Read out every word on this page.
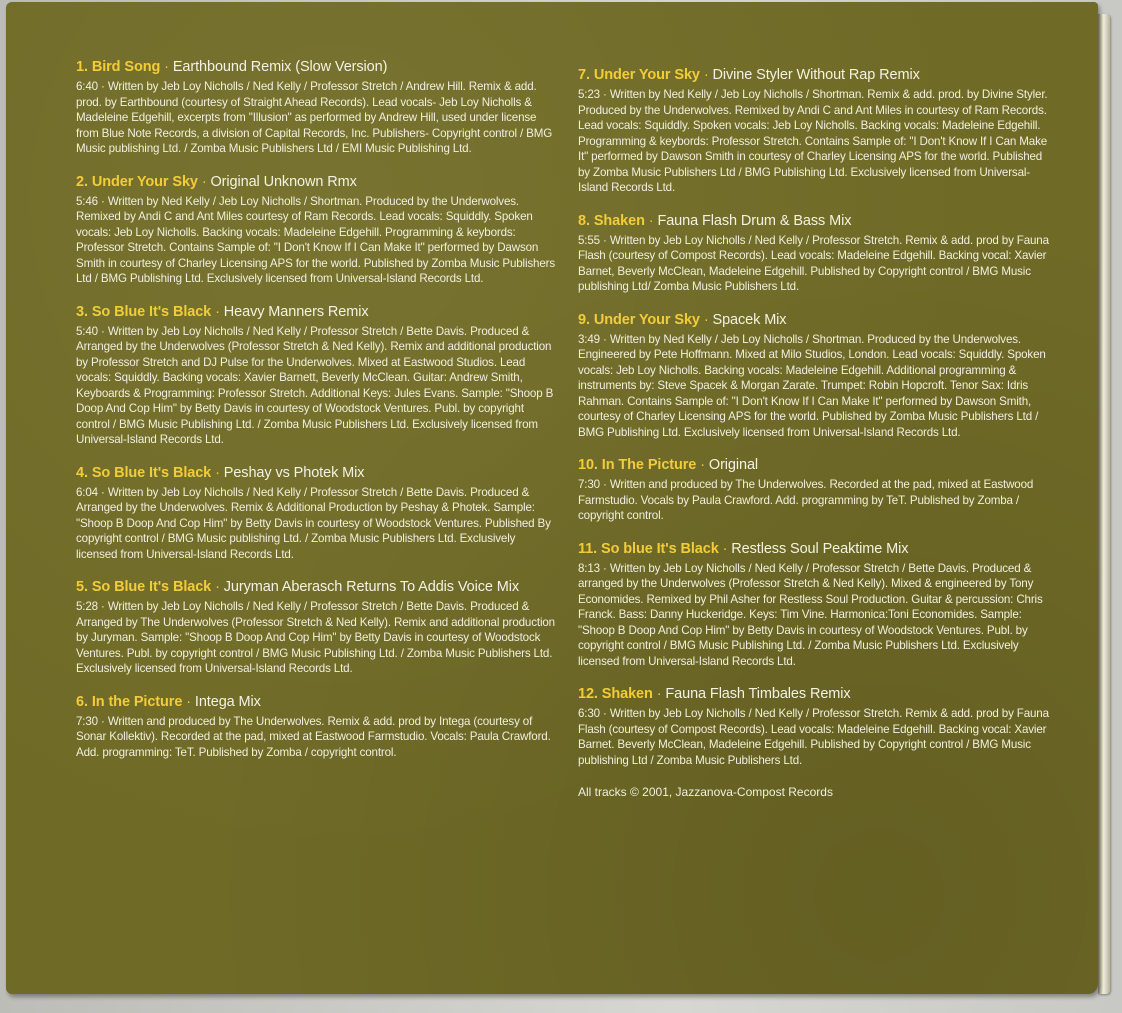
1. Bird Song · Earthbound Remix (Slow Version)
6:40 · Written by Jeb Loy Nicholls / Ned Kelly / Professor Stretch / Andrew Hill. Remix & add. prod. by Earthbound (courtesy of Straight Ahead Records). Lead vocals- Jeb Loy Nicholls & Madeleine Edgehill, excerpts from "Illusion" as performed by Andrew Hill, used under license from Blue Note Records, a division of Capital Records, Inc. Publishers- Copyright control / BMG Music publishing Ltd. / Zomba Music Publishers Ltd / EMI Music Publishing Ltd.
2. Under Your Sky · Original Unknown Rmx
5:46 · Written by Ned Kelly / Jeb Loy Nicholls / Shortman. Produced by the Underwolves. Remixed by Andi C and Ant Miles courtesy of Ram Records. Lead vocals: Squiddly. Spoken vocals: Jeb Loy Nicholls. Backing vocals: Madeleine Edgehill. Programming & keybords: Professor Stretch. Contains Sample of: "I Don't Know If I Can Make It" performed by Dawson Smith in courtesy of Charley Licensing APS for the world. Published by Zomba Music Publishers Ltd / BMG Publishing Ltd. Exclusively licensed from Universal-Island Records Ltd.
3. So Blue It's Black · Heavy Manners Remix
5:40 · Written by Jeb Loy Nicholls / Ned Kelly / Professor Stretch / Bette Davis. Produced & Arranged by the Underwolves (Professor Stretch & Ned Kelly). Remix and additional production by Professor Stretch and DJ Pulse for the Underwolves. Mixed at Eastwood Studios. Lead vocals: Squiddly. Backing vocals: Xavier Barnett, Beverly McClean. Guitar: Andrew Smith, Keyboards & Programming: Professor Stretch. Additional Keys: Jules Evans. Sample: "Shoop B Doop And Cop Him" by Betty Davis in courtesy of Woodstock Ventures. Publ. by copyright control / BMG Music Publishing Ltd. / Zomba Music Publishers Ltd. Exclusively licensed from Universal-Island Records Ltd.
4. So Blue It's Black · Peshay vs Photek Mix
6:04 · Written by Jeb Loy Nicholls / Ned Kelly / Professor Stretch / Bette Davis. Produced & Arranged by the Underwolves. Remix & Additional Production by Peshay & Photek. Sample: "Shoop B Doop And Cop Him" by Betty Davis in courtesy of Woodstock Ventures. Published By copyright control / BMG Music publishing Ltd. / Zomba Music Publishers Ltd. Exclusively licensed from Universal-Island Records Ltd.
5. So Blue It's Black · Juryman Aberasch Returns To Addis Voice Mix
5:28 · Written by Jeb Loy Nicholls / Ned Kelly / Professor Stretch / Bette Davis. Produced & Arranged by The Underwolves (Professor Stretch & Ned Kelly). Remix and additional production by Juryman. Sample: "Shoop B Doop And Cop Him" by Betty Davis in courtesy of Woodstock Ventures. Publ. by copyright control / BMG Music Publishing Ltd. / Zomba Music Publishers Ltd. Exclusively licensed from Universal-Island Records Ltd.
6. In the Picture · Intega Mix
7:30 · Written and produced by The Underwolves. Remix & add. prod by Intega (courtesy of Sonar Kollektiv). Recorded at the pad, mixed at Eastwood Farmstudio. Vocals: Paula Crawford. Add. programming: TeT. Published by Zomba / copyright control.
7. Under Your Sky · Divine Styler Without Rap Remix
5:23 · Written by Ned Kelly / Jeb Loy Nicholls / Shortman. Remix & add. prod. by Divine Styler. Produced by the Underwolves. Remixed by Andi C and Ant Miles in courtesy of Ram Records. Lead vocals: Squiddly. Spoken vocals: Jeb Loy Nicholls. Backing vocals: Madeleine Edgehill. Programming & keybords: Professor Stretch. Contains Sample of: "I Don't Know If I Can Make It" performed by Dawson Smith in courtesy of Charley Licensing APS for the world. Published by Zomba Music Publishers Ltd / BMG Publishing Ltd. Exclusively licensed from Universal-Island Records Ltd.
8. Shaken · Fauna Flash Drum & Bass Mix
5:55 · Written by Jeb Loy Nicholls / Ned Kelly / Professor Stretch. Remix & add. prod by Fauna Flash (courtesy of Compost Records). Lead vocals: Madeleine Edgehill. Backing vocal: Xavier Barnet, Beverly McClean, Madeleine Edgehill. Published by Copyright control / BMG Music publishing Ltd/ Zomba Music Publishers Ltd.
9. Under Your Sky · Spacek Mix
3:49 · Written by Ned Kelly / Jeb Loy Nicholls / Shortman. Produced by the Underwolves. Engineered by Pete Hoffmann. Mixed at Milo Studios, London. Lead vocals: Squiddly. Spoken vocals: Jeb Loy Nicholls. Backing vocals: Madeleine Edgehill. Additional programming & instruments by: Steve Spacek & Morgan Zarate. Trumpet: Robin Hopcroft. Tenor Sax: Idris Rahman. Contains Sample of: "I Don't Know If I Can Make It" performed by Dawson Smith, courtesy of Charley Licensing APS for the world. Published by Zomba Music Publishers Ltd / BMG Publishing Ltd. Exclusively licensed from Universal-Island Records Ltd.
10. In The Picture · Original
7:30 · Written and produced by The Underwolves. Recorded at the pad, mixed at Eastwood Farmstudio. Vocals by Paula Crawford. Add. programming by TeT. Published by Zomba / copyright control.
11. So blue It's Black · Restless Soul Peaktime Mix
8:13 · Written by Jeb Loy Nicholls / Ned Kelly / Professor Stretch / Bette Davis. Produced & arranged by the Underwolves (Professor Stretch & Ned Kelly). Mixed & engineered by Tony Economides. Remixed by Phil Asher for Restless Soul Production. Guitar & percussion: Chris Franck. Bass: Danny Huckeridge. Keys: Tim Vine. Harmonica:Toni Economides. Sample: "Shoop B Doop And Cop Him" by Betty Davis in courtesy of Woodstock Ventures. Publ. by copyright control / BMG Music Publishing Ltd. / Zomba Music Publishers Ltd. Exclusively licensed from Universal-Island Records Ltd.
12. Shaken · Fauna Flash Timbales Remix
6:30 · Written by Jeb Loy Nicholls / Ned Kelly / Professor Stretch. Remix & add. prod by Fauna Flash (courtesy of Compost Records). Lead vocals: Madeleine Edgehill. Backing vocal: Xavier Barnet. Beverly McClean, Madeleine Edgehill. Published by Copyright control / BMG Music publishing Ltd / Zomba Music Publishers Ltd.
All tracks © 2001, Jazzanova-Compost Records
